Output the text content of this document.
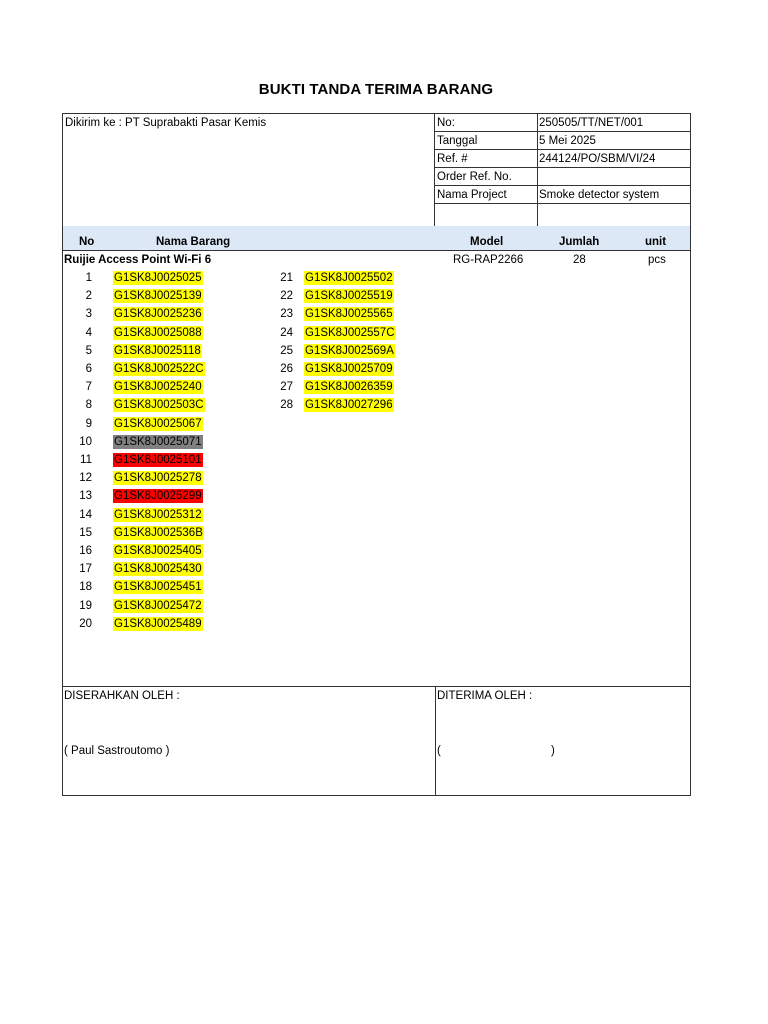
BUKTI TANDA TERIMA BARANG
Dikirim ke : PT Suprabakti Pasar Kemis	No:	250505/TT/NET/001
Tanggal	5 Mei 2025
Ref. #	244124/PO/SBM/VI/24
Order Ref. No.
Nama Project	Smoke detector system
No	Nama Barang	Model	Jumlah	unit
Ruijie Access Point Wi-Fi 6	RG-RAP2266	28	pcs
1 G1SK8J0025025
2 G1SK8J0025139
3 G1SK8J0025236
4 G1SK8J0025088
5 G1SK8J0025118
6 G1SK8J002522C
7 G1SK8J0025240
8 G1SK8J002503C
9 G1SK8J0025067
10 G1SK8J0025071
11 G1SK8J0025101
12 G1SK8J0025278
13 G1SK8J0025299
14 G1SK8J0025312
15 G1SK8J002536B
16 G1SK8J0025405
17 G1SK8J0025430
18 G1SK8J0025451
19 G1SK8J0025472
20 G1SK8J0025489
21 G1SK8J0025502
22 G1SK8J0025519
23 G1SK8J0025565
24 G1SK8J002557C
25 G1SK8J002569A
26 G1SK8J0025709
27 G1SK8J0026359
28 G1SK8J0027296
DISERAHKAN OLEH :
( Paul Sastroutomo )
DITERIMA OLEH :
(	)
